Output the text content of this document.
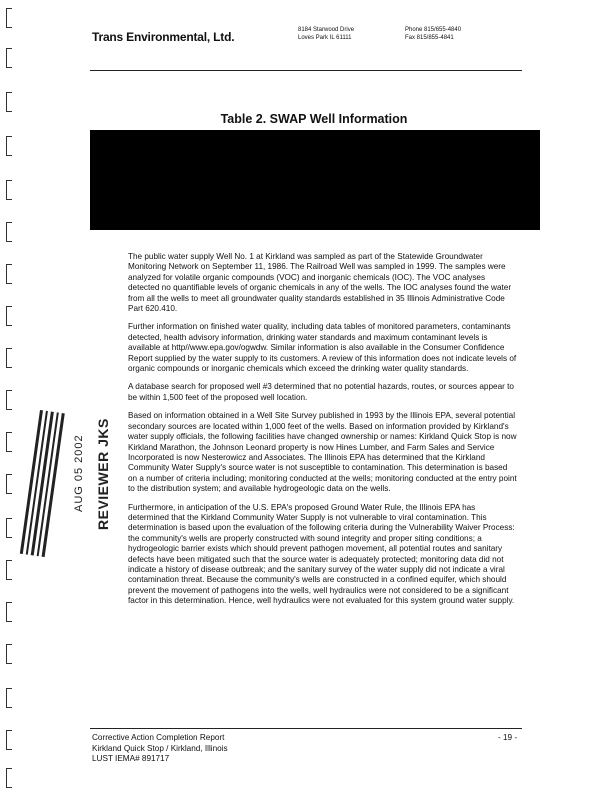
Trans Environmental, Ltd.	8184 Starwood Drive
Loves Park IL 61111
Phone 815/655-4840
Fax 815/855-4841
Table 2. SWAP Well Information

The public water supply Well No. 1 at Kirkland was sampled as part of the Statewide Groundwater Monitoring Network on September 11, 1986. The Railroad Well was sampled in 1999. The samples were analyzed for volatile organic compounds (VOC) and inorganic chemicals (IOC). The VOC analyses detected no quantifiable levels of organic chemicals in any of the wells. The IOC analyses found the water from all the wells to meet all groundwater quality standards established in 35 Illinois Administrative Code Part 620.410.

Further information on finished water quality, including data tables of monitored parameters, contaminants detected, health advisory information, drinking water standards and maximum contaminant levels is available at http//www.epa.gov/ogwdw. Similar information is also available in the Consumer Confidence Report supplied by the water supply to its customers. A review of this information does not indicate levels of organic compounds or inorganic chemicals which exceed the drinking water quality standards.

A database search for proposed well #3 determined that no potential hazards, routes, or sources appear to be within 1,500 feet of the proposed well location.

Based on information obtained in a Well Site Survey published in 1993 by the Illinois EPA, several potential secondary sources are located within 1,000 feet of the wells. Based on information provided by Kirkland's water supply officials, the following facilities have changed ownership or names: Kirkland Quick Stop is now Kirkland Marathon, the Johnson Leonard property is now Hines Lumber, and Farm Sales and Service Incorporated is now Nesterowicz and Associates. The Illinois EPA has determined that the Kirkland Community Water Supply's source water is not susceptible to contamination. This determination is based on a number of criteria including; monitoring conducted at the wells; monitoring conducted at the entry point to the distribution system; and available hydrogeologic data on the wells.

Furthermore, in anticipation of the U.S. EPA's proposed Ground Water Rule, the Illinois EPA has determined that the Kirkland Community Water Supply is not vulnerable to viral contamination. This determination is based upon the evaluation of the following criteria during the Vulnerability Waiver Process: the community's wells are properly constructed with sound integrity and proper siting conditions; a hydrogeologic barrier exists which should prevent pathogen movement, all potential routes and sanitary defects have been mitigated such that the source water is adequately protected; monitoring data did not indicate a history of disease outbreak; and the sanitary survey of the water supply did not indicate a viral contamination threat. Because the community's wells are constructed in a confined equifer, which should prevent the movement of pathogens into the wells, well hydraulics were not considered to be a significant factor in this determination. Hence, well hydraulics were not evaluated for this system ground water supply.

AUG 05 2002 REVIEWER JKS
Corrective Action Completion Report
Kirkland Quick Stop / Kirkland, Illinois
LUST IEMA# 891717
- 19 -
